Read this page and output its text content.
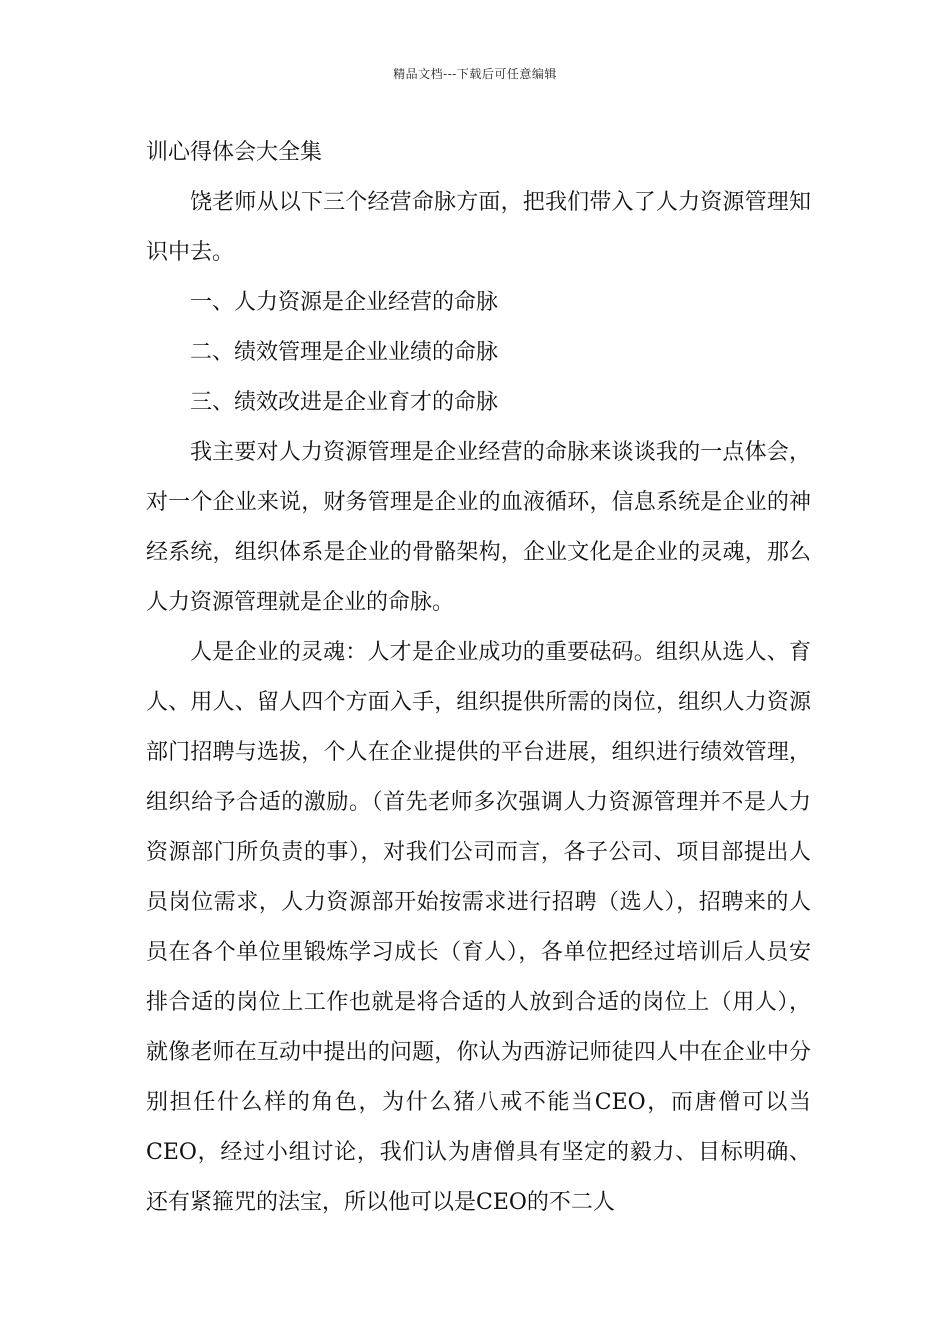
精品文档---下载后可任意编辑

训心得体会大全集

饶老师从以下三个经营命脉方面，把我们带入了人力资源管理知识中去。

一、人力资源是企业经营的命脉

二、绩效管理是企业业绩的命脉

三、绩效改进是企业育才的命脉

我主要对人力资源管理是企业经营的命脉来谈谈我的一点体会，对一个企业来说，财务管理是企业的血液循环，信息系统是企业的神经系统，组织体系是企业的骨骼架构，企业文化是企业的灵魂，那么人力资源管理就是企业的命脉。

人是企业的灵魂：人才是企业成功的重要砝码。组织从选人、育人、用人、留人四个方面入手，组织提供所需的岗位，组织人力资源部门招聘与选拔，个人在企业提供的平台进展，组织进行绩效管理，组织给予合适的激励。（首先老师多次强调人力资源管理并不是人力资源部门所负责的事），对我们公司而言，各子公司、项目部提出人员岗位需求，人力资源部开始按需求进行招聘（选人），招聘来的人员在各个单位里锻炼学习成长（育人），各单位把经过培训后人员安排合适的岗位上工作也就是将合适的人放到合适的岗位上（用人），就像老师在互动中提出的问题，你认为西游记师徒四人中在企业中分别担任什么样的角色，为什么猪八戒不能当CEO，而唐僧可以当CEO，经过小组讨论，我们认为唐僧具有坚定的毅力、目标明确、还有紧箍咒的法宝，所以他可以是CEO的不二人
